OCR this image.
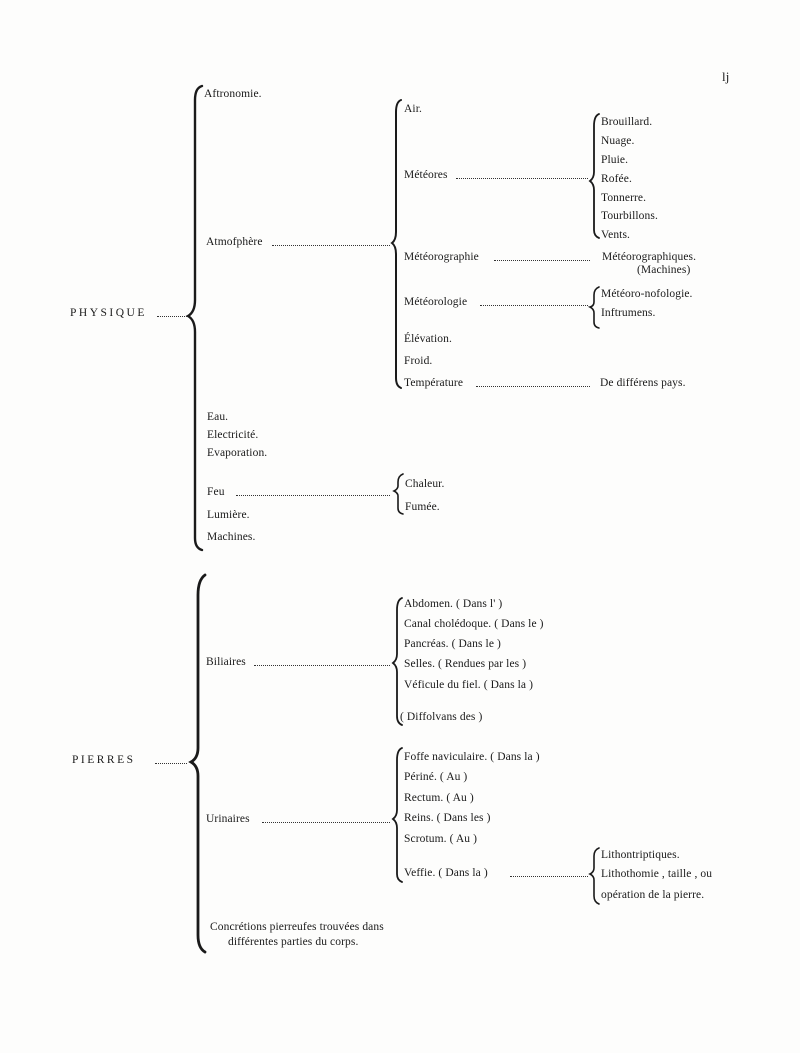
lj
PHYSIQUE
Aftronomie.
Atmofphère
Air.
Météores
Brouillard.
Nuage.
Pluie.
Rofée.
Tonnerre.
Tourbillons.
Vents.
Météorographie	Météorographiques.
(Machines)
Météorologie
Météoro-nofologie.
Inftrumens.
Élévation.
Froid.
Température	De différens pays.
Eau.
Electricité.
Evaporation.
Feu
Chaleur.
Fumée.
Lumière.
Machines.
PIERRES
Biliaires
Abdomen. ( Dans l' )
Canal cholédoque. ( Dans le )
Pancréas. ( Dans le )
Selles. ( Rendues par les )
Véficule du fiel. ( Dans la )
( Diffolvans des )
Urinaires
Foffe naviculaire. ( Dans la )
Périné. ( Au )
Rectum. ( Au )
Reins. ( Dans les )
Scrotum. ( Au )
Veffie. ( Dans la )
Lithontriptiques.
Lithothomie , taille , ou
opération de la pierre.
Concrétions pierreufes trouvées dans
différentes parties du corps.
